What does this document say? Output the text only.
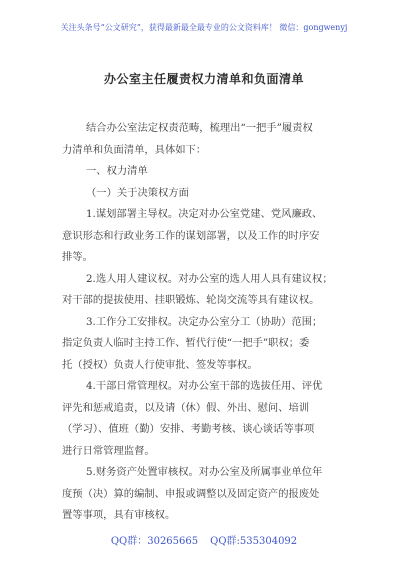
关注头条号“公文研究”，获得最新最全最专业的公文资料库！ 微信：gongwenyj
办公室主任履责权力清单和负面清单
结合办公室法定权责范畴，梳理出“一把手”履责权
力清单和负面清单，具体如下：
一、权力清单
（一）关于决策权方面
1.谋划部署主导权。决定对办公室党建、党风廉政、
意识形态和行政业务工作的谋划部署，以及工作的时序安
排等。
2.选人用人建议权。对办公室的选人用人具有建议权；
对干部的提拔使用、挂职锻炼、轮岗交流等具有建议权。
3.工作分工安排权。决定办公室分工（协助）范围；
指定负责人临时主持工作、暂代行使“一把手”职权；委
托（授权）负责人行使审批、签发等事权。
4.干部日常管理权。对办公室干部的选拔任用、评优
评先和惩戒追责，以及请（休）假、外出、慰问、培训
（学习）、值班（勤）安排、考勤考核、谈心谈话等事项
进行日常管理监督。
5.财务资产处置审核权。对办公室及所属事业单位年
度预（决）算的编制、申报或调整以及固定资产的报废处
置等事项，具有审核权。
QQ群：30265665 QQ群:535304092
